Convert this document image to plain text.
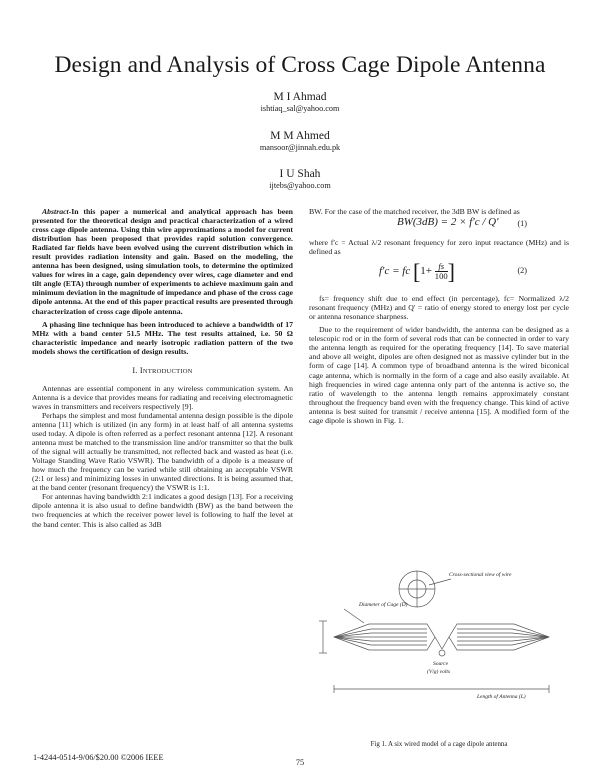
Design and Analysis of Cross Cage Dipole Antenna
M I Ahmad
ishtiaq_sal@yahoo.com
M M Ahmed
mansoor@jinnah.edu.pk
I U Shah
ijtebs@yahoo.com

Abstract-In this paper a numerical and analytical approach has been presented for the theoretical design and practical characterization of a wired cross cage dipole antenna. Using thin wire approximations a model for current distribution has been proposed that provides rapid solution convergence. Radiated far fields have been evolved using the current distribution which in result provides radiation intensity and gain. Based on the modeling, the antenna has been designed, using simulation tools, to determine the optimized values for wires in a cage, gain dependency over wires, cage diameter and end tilt angle (ETA) through number of experiments to achieve maximum gain and minimum deviation in the magnitude of impedance and phase of the cross cage dipole antenna. At the end of this paper practical results are presented through characterization of cross cage dipole antenna.

A phasing line technique has been introduced to achieve a bandwidth of 17 MHz with a band center 51.5 MHz. The test results attained, i.e. 50 Ω characteristic impedance and nearly isotropic radiation pattern of the two models shows the certification of design results.

I. INTRODUCTION

Antennas are essential component in any wireless communication system. An Antenna is a device that provides means for radiating and receiving electromagnetic waves in transmitters and receivers respectively [9].

Perhaps the simplest and most fundamental antenna design possible is the dipole antenna [11] which is utilized (in any form) in at least half of all antenna systems used today. A dipole is often referred as a perfect resonant antenna [12]. A resonant antenna must be matched to the transmission line and/or transmitter so that the bulk of the signal will actually be transmitted, not reflected back and wasted as heat (i.e. Voltage Standing Wave Ratio VSWR). The bandwidth of a dipole is a measure of how much the frequency can be varied while still obtaining an acceptable VSWR (2:1 or less) and minimizing losses in unwanted directions. It is being assumed that, at the band center (resonant frequency) the VSWR is 1:1.

For antennas having bandwidth 2:1 indicates a good design [13]. For a receiving dipole antenna it is also usual to define bandwidth (BW) as the band between the two frequencies at which the receiver power level is following to half the level at the band center. This is also called as 3dB

BW. For the case of the matched receiver, the 3dB BW is defined as

BW(3dB) = 2 × f′c / Q′ (1)

where f′c = Actual λ/2 resonant frequency for zero input reactance (MHz) and is defined as

f′c = fc [$1+ \frac{fs}{100}$ ]	(2)

fs= frequency shift due to end effect (in percentage), fc= Normalized λ/2 resonant frequency (MHz) and Q′ = ratio of energy stored to energy lost per cycle or antenna resonance sharpness.

Due to the requirement of wider bandwidth, the antenna can be designed as a telescopic rod or in the form of several rods that can be connected in order to vary the antenna length as required for the operating frequency [14]. To save material and above all weight, dipoles are often designed not as massive cylinder but in the form of cage [14]. A common type of broadband antenna is the wired biconical cage antenna, which is normally in the form of a cage and also easily available. At high frequencies in wired cage antenna only part of the antenna is active so, the ratio of wavelength to the antenna length remains approximately constant throughout the frequency band even with the frequency change. This kind of active antenna is best suited for transmit / receive antenna [15]. A modified form of the cage dipole is shown in Fig. 1.

Cross-sectional view of wire
Diameter of Cage (D)
Source
(V/g) volts
Length of Antenna (L)
Fig 1. A six wired model of a cage dipole antenna
1-4244-0514-9/06/$20.00 ©2006 IEEE
75
